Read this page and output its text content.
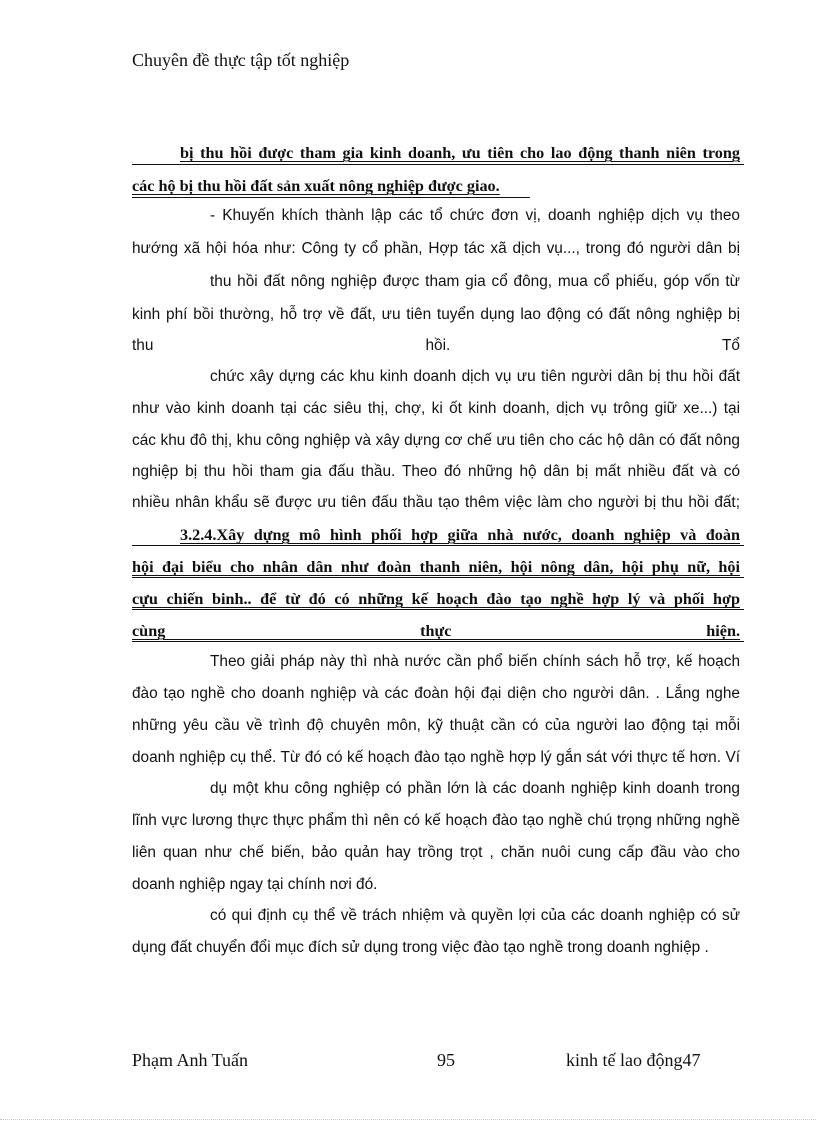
Chuyên đề thực tập tốt nghiệp
bị thu hồi được tham gia kinh doanh, ưu tiên cho lao động thanh niên trong
các hộ bị thu hồi đất sản xuất nông nghiệp được giao.
- Khuyến khích thành lập các tổ chức đơn vị, doanh nghiệp dịch vụ theo
hướng xã hội hóa như: Công ty cổ phần, Hợp tác xã dịch vụ..., trong đó người dân bị
thu hồi đất nông nghiệp được tham gia cổ đông, mua cổ phiếu, góp vốn từ
kinh phí bồi thường, hỗ trợ về đất, ưu tiên tuyển dụng lao động có đất nông nghiệp bị
thu hồi. Tổ
chức xây dựng các khu kinh doanh dịch vụ ưu tiên người dân bị thu hồi đất
như vào kinh doanh tại các siêu thị, chợ, ki ốt kinh doanh, dịch vụ trông giữ xe...) tại
các khu đô thị, khu công nghiệp và xây dựng cơ chế ưu tiên cho các hộ dân có đất nông
nghiệp bị thu hồi tham gia đấu thầu. Theo đó những hộ dân bị mất nhiều đất và có
nhiều nhân khẩu sẽ được ưu tiên đấu thầu tạo thêm việc làm cho người bị thu hồi đất;
3.2.4.Xây dựng mô hình phối hợp giữa nhà nước, doanh nghiệp và đoàn
hội đại biểu cho nhân dân như đoàn thanh niên, hội nông dân, hội phụ nữ, hội
cựu chiến binh.. để từ đó có những kế hoạch đào tạo nghề hợp lý và phối hợp
cùng thực hiện.
Theo giải pháp này thì nhà nước cần phổ biến chính sách hỗ trợ, kế hoạch
đào tạo nghề cho doanh nghiệp và các đoàn hội đại diện cho người dân. . Lắng nghe
những yêu cầu về trình độ chuyên môn, kỹ thuật cần có của người lao động tại mỗi
doanh nghiệp cụ thể. Từ đó có kế hoạch đào tạo nghề hợp lý gắn sát với thực tế hơn. Ví
dụ một khu công nghiệp có phần lớn là các doanh nghiệp kinh doanh trong
lĩnh vực lương thực thực phẩm thì nên có kế hoạch đào tạo nghề chú trọng những nghề
liên quan như chế biến, bảo quản hay trồng trọt , chăn nuôi cung cấp đầu vào cho
doanh nghiệp ngay tại chính nơi đó.
có qui định cụ thể về trách nhiệm và quyền lợi của các doanh nghiệp có sử
dụng đất chuyển đổi mục đích sử dụng trong việc đào tạo nghề trong doanh nghiệp .
Phạm Anh Tuấn	95	kinh tế lao động47
